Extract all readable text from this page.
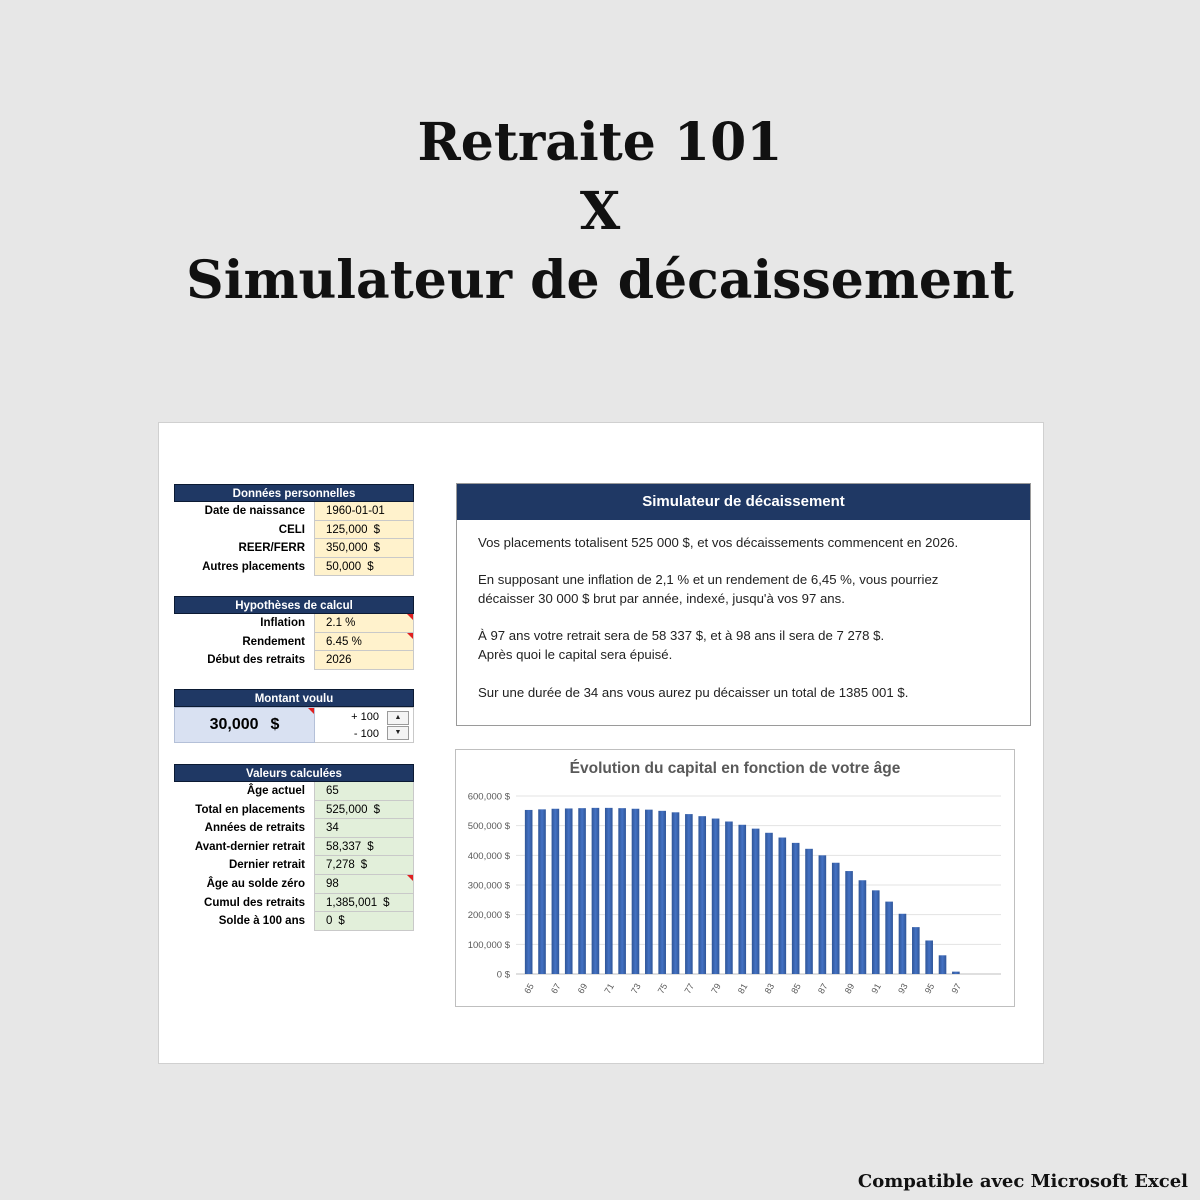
Retraite 101
X
Simulateur de décaissement
Données personnelles
Date de naissance	1960-01-01
CELI	125,000 $
REER/FERR	350,000 $
Autres placements	50,000 $
Hypothèses de calcul
Inflation	2.1 %
Rendement	6.45 %
Début des retraits	2026
Montant voulu
30,000 $	+ 100
- 100
▲
▼
Valeurs calculées
Âge actuel	65
Total en placements	525,000 $
Années de retraits	34
Avant-dernier retrait	58,337 $
Dernier retrait	7,278 $
Âge au solde zéro	98
Cumul des retraits	1,385,001 $
Solde à 100 ans	0 $
Simulateur de décaissement

Vos placements totalisent 525 000 $, et vos décaissements commencent en 2026.

En supposant une inflation de 2,1 % et un rendement de 6,45 %, vous pourriez
décaisser 30 000 $ brut par année, indexé, jusqu'à vos 97 ans.

À 97 ans votre retrait sera de 58 337 $, et à 98 ans il sera de 7 278 $.
Après quoi le capital sera épuisé.

Sur une durée de 34 ans vous aurez pu décaisser un total de 1385 001 $.

Évolution du capital en fonction de votre âge
0 $
100,000 $
200,000 $
300,000 $
400,000 $
500,000 $
600,000 $
65 67 69 71 73 75 77 79 81 83 85 87 89 91 93 95 97
Compatible avec Microsoft Excel
